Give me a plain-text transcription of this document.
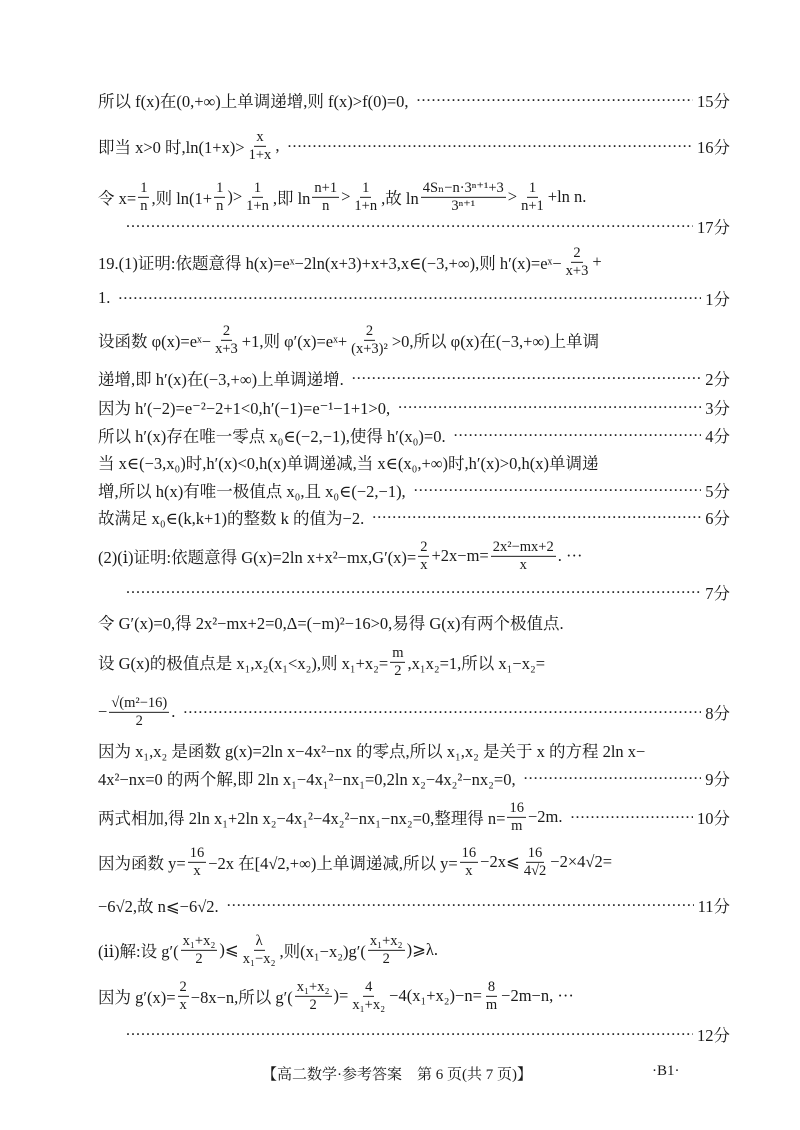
所以 f(x)在(0,+∞)上单调递增,则 f(x)>f(0)=0, ·····	15分
即当 x>0 时$,\ln(1+x)> \frac{x}{1+x}$ , ·····	16分
令 $x= \frac{1}{n}$ ,则 $\ln(1+ \frac{1}{n}$ )> $\frac{1}{1+n}$ ,即 $\ln \frac{n+1}{n} > \frac{1}{1+n}$ ,故 $\ln \frac{\text{4Sₙ−n·3ⁿ⁺¹+3}}{\text{3ⁿ⁺¹}} > \frac{1}{n+1} +\ln$ n.
·····
17分
19.(1)证明:依题意得 h(x)=eˣ−2ln(x+3)+x+3,x∈(−3,+∞),则 h′(x)=eˣ− $\frac{2}{x+3}$ +
1. ·····	1分
设函数 φ(x)=eˣ− $\frac{2}{x+3} +1$,则 φ′(x)=eˣ+ $\frac{2}{\text{(x+3)²}} >0$,所以 φ(x)在(−3,+∞)上单调
递增,即 h′(x)在(−3,+∞)上单调递增. ·····	2分
因为 h′(−2)=e⁻²−2+1<0,h′(−1)=e⁻¹−1+1>0, ·····	3分
所以 h′(x)存在唯一零点 x₀∈(−2,−1),使得 h′(x₀)=0. ·····	4分
当 x∈(−3,x₀)时,h′(x)<0,h(x)单调递减,当 x∈(x₀,+∞)时,h′(x)>0,h(x)单调递
增,所以 h(x)有唯一极值点 x₀,且 x₀∈(−2,−1), ·····	5分
故满足 x₀∈(k,k+1)的整数 k 的值为−2. ·····	6分
(2)(ⅰ)证明:依题意得 G(x)=2ln $x+x^2-mx,G'(x)= \frac{2}{x} +2x-m= \frac{\text{2x²−mx+2}}{x}$ . ···
·····
7分
令 G′(x)=0,得 2x²−mx+2=0,Δ=(−m)²−16>0,易得 G(x)有两个极值点.
设 G(x)的极值点是 x₁,x₂(x₁<x₂),则 $x_1+x_2= \frac{m}{2} ,x_1x_2=1$,所以 x₁−x₂=
− $\frac{\text{√(m²−16)}}{2}$ . ·····	8分
因为 x₁,x₂ 是函数 g(x)=2ln x−4x²−nx 的零点,所以 x₁,x₂ 是关于 x 的方程 2ln x−
4x²−nx=0 的两个解,即 2ln x₁−4x₁²−nx₁=0,2ln x₂−4x₂²−nx₂=0, ·····	9分
两式相加,得 2ln x₁+2ln x₂−4x₁²−4x₂²−nx₁−nx₂=0,整理得 $n= \frac{16}{m} -2m$. ·····	10分
因为函数 $y= \frac{16}{x} -2x$ 在[4√2,+∞)上单调递减,所以 $y= \frac{16}{x}$ −2x⩽ $\frac{16}{4√2} -2\times 4√2=$
−6√2,故 n⩽−6√2. ·····	11分
(ⅱ)解:设 $g'( \frac{\text{x₁+x₂}}{2}$ )⩽ $\frac{\lambda}{\text{x₁−x₂}}$ ,则$(x_1-x_2)g'( \frac{\text{x₁+x₂}}{2}$ )⩾λ.
因为 $g'(x)= \frac{2}{x} -8x-n$,所以 $g'( \frac{\text{x₁+x₂}}{2}$ )= $\frac{4}{\text{x₁+x₂}} -4(x_1+x_2)-n= \frac{8}{m} -2m-n$, ···
·····
12分
【高二数学·参考答案　第 6 页(共 7 页)】	·B1·
